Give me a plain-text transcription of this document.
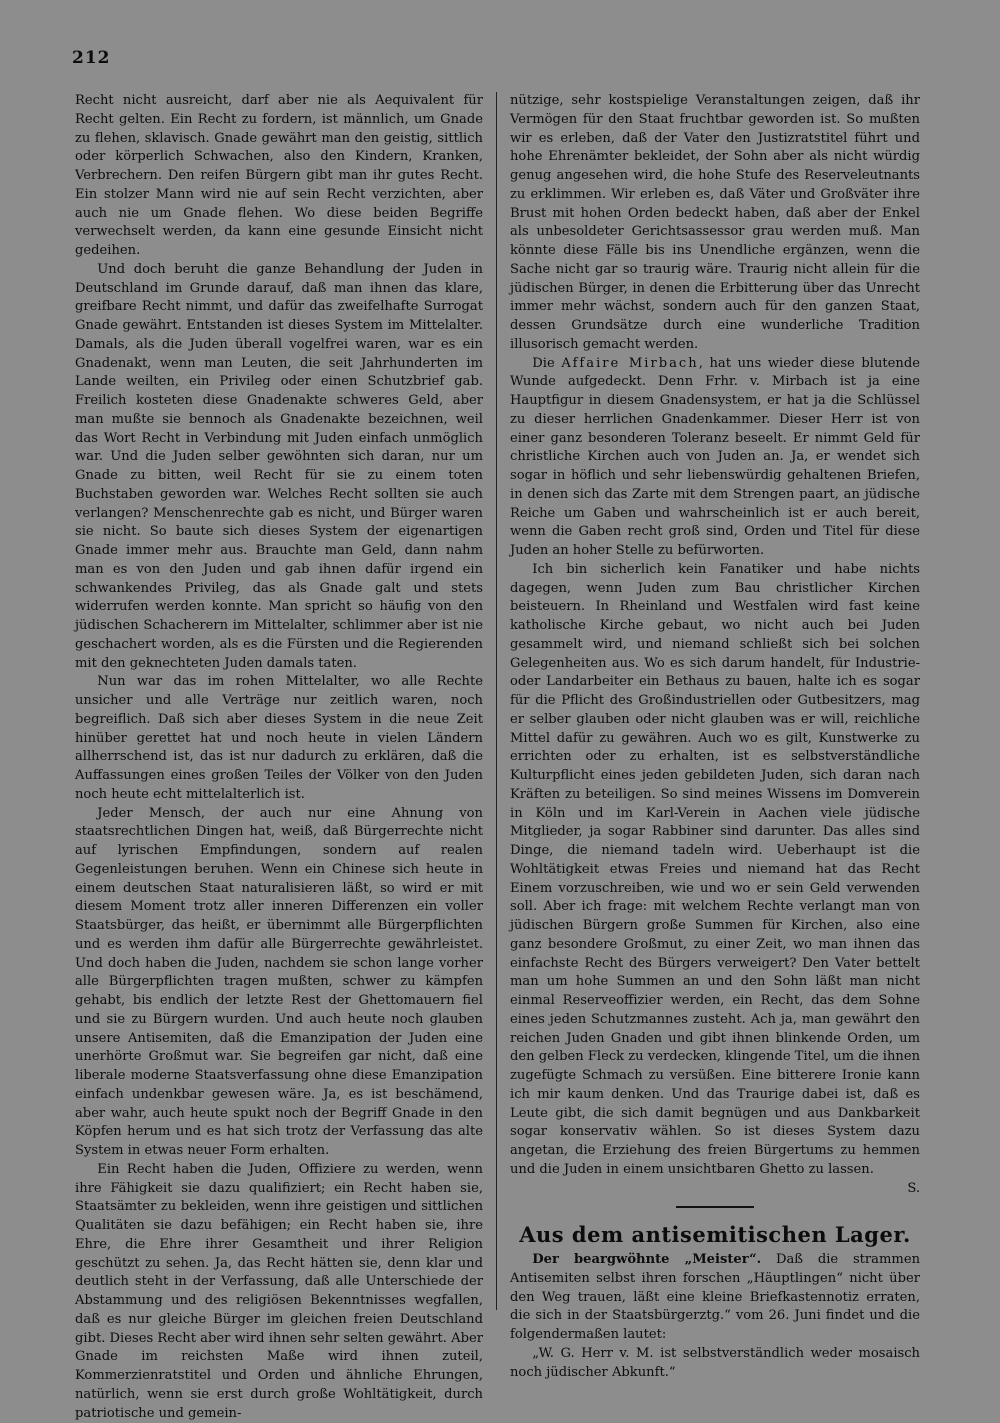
212

Recht nicht ausreicht, darf aber nie als Aequivalent für Recht gelten. Ein Recht zu fordern, ist männlich, um Gnade zu flehen, sklavisch. Gnade gewährt man den geistig, sittlich oder körperlich Schwachen, also den Kindern, Kranken, Verbrechern. Den reifen Bürgern gibt man ihr gutes Recht. Ein stolzer Mann wird nie auf sein Recht verzichten, aber auch nie um Gnade flehen. Wo diese beiden Begriffe verwechselt werden, da kann eine gesunde Einsicht nicht gedeihen.

Und doch beruht die ganze Behandlung der Juden in Deutschland im Grunde darauf, daß man ihnen das klare, greifbare Recht nimmt, und dafür das zweifelhafte Surrogat Gnade gewährt. Entstanden ist dieses System im Mittelalter. Damals, als die Juden überall vogelfrei waren, war es ein Gnadenakt, wenn man Leuten, die seit Jahrhunderten im Lande weilten, ein Privileg oder einen Schutzbrief gab. Freilich kosteten diese Gnadenakte schweres Geld, aber man mußte sie bennoch als Gnadenakte bezeichnen, weil das Wort Recht in Verbindung mit Juden einfach unmöglich war. Und die Juden selber gewöhnten sich daran, nur um Gnade zu bitten, weil Recht für sie zu einem toten Buchstaben geworden war. Welches Recht sollten sie auch verlangen? Menschenrechte gab es nicht, und Bürger waren sie nicht. So baute sich dieses System der eigenartigen Gnade immer mehr aus. Brauchte man Geld, dann nahm man es von den Juden und gab ihnen dafür irgend ein schwankendes Privileg, das als Gnade galt und stets widerrufen werden konnte. Man spricht so häufig von den jüdischen Schacherern im Mittelalter, schlimmer aber ist nie geschachert worden, als es die Fürsten und die Regierenden mit den geknechteten Juden damals taten.

Nun war das im rohen Mittelalter, wo alle Rechte unsicher und alle Verträge nur zeitlich waren, noch begreiflich. Daß sich aber dieses System in die neue Zeit hinüber gerettet hat und noch heute in vielen Ländern allherrschend ist, das ist nur dadurch zu erklären, daß die Auffassungen eines großen Teiles der Völker von den Juden noch heute echt mittelalterlich ist.

Jeder Mensch, der auch nur eine Ahnung von staatsrechtlichen Dingen hat, weiß, daß Bürgerrechte nicht auf lyrischen Empfindungen, sondern auf realen Gegenleistungen beruhen. Wenn ein Chinese sich heute in einem deutschen Staat naturalisieren läßt, so wird er mit diesem Moment trotz aller inneren Differenzen ein voller Staatsbürger, das heißt, er übernimmt alle Bürgerpflichten und es werden ihm dafür alle Bürgerrechte gewährleistet. Und doch haben die Juden, nachdem sie schon lange vorher alle Bürgerpflichten tragen mußten, schwer zu kämpfen gehabt, bis endlich der letzte Rest der Ghettomauern fiel und sie zu Bürgern wurden. Und auch heute noch glauben unsere Antisemiten, daß die Emanzipation der Juden eine unerhörte Großmut war. Sie begreifen gar nicht, daß eine liberale moderne Staatsverfassung ohne diese Emanzipation einfach undenkbar gewesen wäre. Ja, es ist beschämend, aber wahr, auch heute spukt noch der Begriff Gnade in den Köpfen herum und es hat sich trotz der Verfassung das alte System in etwas neuer Form erhalten.

Ein Recht haben die Juden, Offiziere zu werden, wenn ihre Fähigkeit sie dazu qualifiziert; ein Recht haben sie, Staatsämter zu bekleiden, wenn ihre geistigen und sittlichen Qualitäten sie dazu befähigen; ein Recht haben sie, ihre Ehre, die Ehre ihrer Gesamtheit und ihrer Religion geschützt zu sehen. Ja, das Recht hätten sie, denn klar und deutlich steht in der Verfassung, daß alle Unterschiede der Abstammung und des religiösen Bekenntnisses wegfallen, daß es nur gleiche Bürger im gleichen freien Deutschland gibt. Dieses Recht aber wird ihnen sehr selten gewährt. Aber Gnade im reichsten Maße wird ihnen zuteil, Kommerzienratstitel und Orden und ähnliche Ehrungen, natürlich, wenn sie erst durch große Wohltätigkeit, durch patriotische und gemein-

nützige, sehr kostspielige Veranstaltungen zeigen, daß ihr Vermögen für den Staat fruchtbar geworden ist. So mußten wir es erleben, daß der Vater den Justizratstitel führt und hohe Ehrenämter bekleidet, der Sohn aber als nicht würdig genug angesehen wird, die hohe Stufe des Reserveleutnants zu erklimmen. Wir erleben es, daß Väter und Großväter ihre Brust mit hohen Orden bedeckt haben, daß aber der Enkel als unbesoldeter Gerichtsassessor grau werden muß. Man könnte diese Fälle bis ins Unendliche ergänzen, wenn die Sache nicht gar so traurig wäre. Traurig nicht allein für die jüdischen Bürger, in denen die Erbitterung über das Unrecht immer mehr wächst, sondern auch für den ganzen Staat, dessen Grundsätze durch eine wunderliche Tradition illusorisch gemacht werden.

Die Affaire Mirbach, hat uns wieder diese blutende Wunde aufgedeckt. Denn Frhr. v. Mirbach ist ja eine Hauptfigur in diesem Gnadensystem, er hat ja die Schlüssel zu dieser herrlichen Gnadenkammer. Dieser Herr ist von einer ganz besonderen Toleranz beseelt. Er nimmt Geld für christliche Kirchen auch von Juden an. Ja, er wendet sich sogar in höflich und sehr liebenswürdig gehaltenen Briefen, in denen sich das Zarte mit dem Strengen paart, an jüdische Reiche um Gaben und wahrscheinlich ist er auch bereit, wenn die Gaben recht groß sind, Orden und Titel für diese Juden an hoher Stelle zu befürworten.

Ich bin sicherlich kein Fanatiker und habe nichts dagegen, wenn Juden zum Bau christlicher Kirchen beisteuern. In Rheinland und Westfalen wird fast keine katholische Kirche gebaut, wo nicht auch bei Juden gesammelt wird, und niemand schließt sich bei solchen Gelegenheiten aus. Wo es sich darum handelt, für Industrie- oder Landarbeiter ein Bethaus zu bauen, halte ich es sogar für die Pflicht des Großindustriellen oder Gutbesitzers, mag er selber glauben oder nicht glauben was er will, reichliche Mittel dafür zu gewähren. Auch wo es gilt, Kunstwerke zu errichten oder zu erhalten, ist es selbstverständliche Kulturpflicht eines jeden gebildeten Juden, sich daran nach Kräften zu beteiligen. So sind meines Wissens im Domverein in Köln und im Karl-Verein in Aachen viele jüdische Mitglieder, ja sogar Rabbiner sind darunter. Das alles sind Dinge, die niemand tadeln wird. Ueberhaupt ist die Wohltätigkeit etwas Freies und niemand hat das Recht Einem vorzuschreiben, wie und wo er sein Geld verwenden soll. Aber ich frage: mit welchem Rechte verlangt man von jüdischen Bürgern große Summen für Kirchen, also eine ganz besondere Großmut, zu einer Zeit, wo man ihnen das einfachste Recht des Bürgers verweigert? Den Vater bettelt man um hohe Summen an und den Sohn läßt man nicht einmal Reserveoffizier werden, ein Recht, das dem Sohne eines jeden Schutzmannes zusteht. Ach ja, man gewährt den reichen Juden Gnaden und gibt ihnen blinkende Orden, um den gelben Fleck zu verdecken, klingende Titel, um die ihnen zugefügte Schmach zu versüßen. Eine bitterere Ironie kann ich mir kaum denken. Und das Traurige dabei ist, daß es Leute gibt, die sich damit begnügen und aus Dankbarkeit sogar konservativ wählen. So ist dieses System dazu angetan, die Erziehung des freien Bürgertums zu hemmen und die Juden in einem unsichtbaren Ghetto zu lassen.

S.

Aus dem antisemitischen Lager.

Der beargwöhnte „Meister“. Daß die strammen Antisemiten selbst ihren forschen „Häuptlingen“ nicht über den Weg trauen, läßt eine kleine Briefkastennotiz erraten, die sich in der Staatsbürgerztg.“ vom 26. Juni findet und die folgendermaßen lautet:

„W. G. Herr v. M. ist selbstverständlich weder mosaisch noch jüdischer Abkunft.“
